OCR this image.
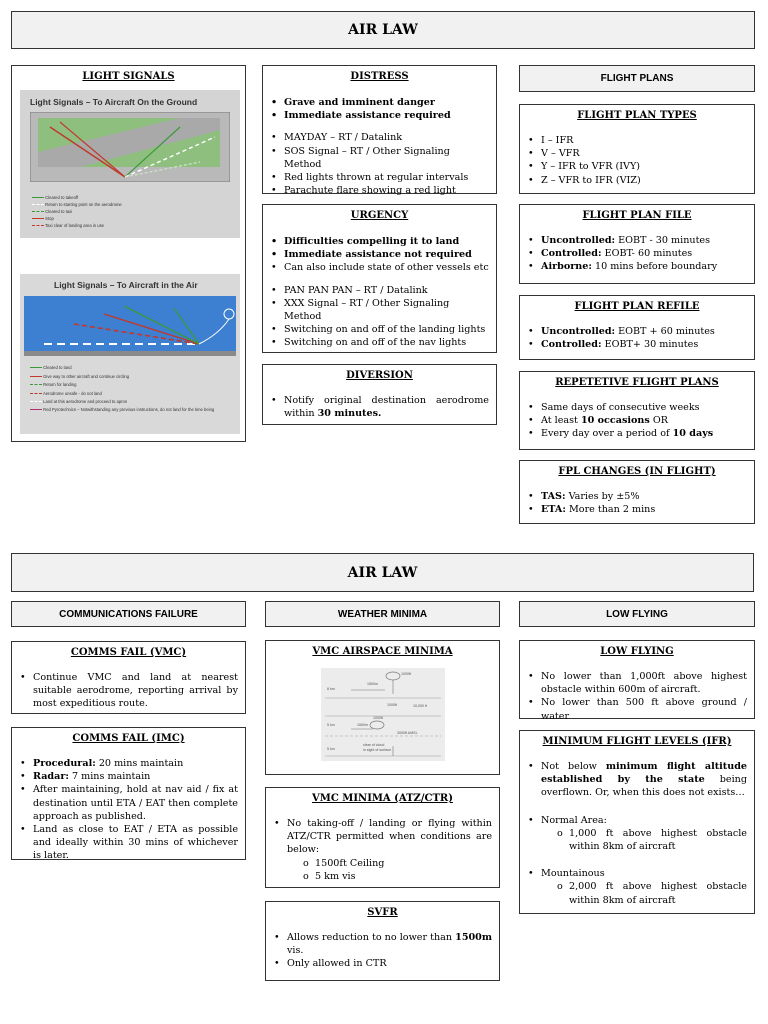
AIR LAW
LIGHT SIGNALS
Light Signals – To Aircraft On the Ground
Cleared to takeoff
Return to starting point on the aerodrome
Cleared to taxi
Stop
Taxi clear of landing area in use
Light Signals – To Aircraft in the Air
Cleared to land
Give way to other aircraft and continue circling
Return for landing
Aerodrome unsafe - do not land
Land at this aerodrome and proceed to apron
Red Pyrotechnics – Notwithstanding any previous instructions, do not land for the time being
DISTRESS
• Grave and imminent danger
• Immediate assistance required
• MAYDAY – RT / Datalink
• SOS Signal – RT / Other Signaling Method
• Red lights thrown at regular intervals
• Parachute flare showing a red light
URGENCY
• Difficulties compelling it to land
• Immediate assistance not required
• Can also include state of other vessels etc
• PAN PAN PAN – RT / Datalink
• XXX Signal – RT / Other Signaling Method
• Switching on and off of the landing lights
• Switching on and off of the nav lights
DIVERSION
• Notify original destination aerodrome within 30 minutes.
FLIGHT PLANS
FLIGHT PLAN TYPES
• I – IFR
• V – VFR
• Y – IFR to VFR (IVY)
• Z – VFR to IFR (VIZ)
FLIGHT PLAN FILE
• Uncontrolled: EOBT - 30 minutes
• Controlled: EOBT- 60 minutes
• Airborne: 10 mins before boundary
FLIGHT PLAN REFILE
• Uncontrolled: EOBT + 60 minutes
• Controlled: EOBT+ 30 minutes
REPETETIVE FLIGHT PLANS
• Same days of consecutive weeks
• At least 10 occasions OR
• Every day over a period of 10 days
FPL CHANGES (IN FLIGHT)
• TAS: Varies by ±5%
• ETA: More than 2 mins
AIR LAW
COMMUNICATIONS FAILURE
COMMS FAIL (VMC)
• Continue VMC and land at nearest suitable aerodrome, reporting arrival by most expeditious route.
COMMS FAIL (IMC)
• Procedural: 20 mins maintain
• Radar: 7 mins maintain
• After maintaining, hold at nav aid / fix at destination until ETA / EAT then complete approach as published.
• Land as close to EAT / ETA as possible and ideally within 30 mins of whichever is later.
WEATHER MINIMA
VMC AIRSPACE MINIMA
8 km
1500m
1000ft
1000ft	10,000 ft
5 km	1500m
1000ft
3000ft AMSL
5 km
clear of cloud
in sight of surface
VMC MINIMA (ATZ/CTR)
• No taking-off / landing or flying within ATZ/CTR permitted when conditions are below:
o 1500ft Ceiling
o 5 km vis
SVFR
• Allows reduction to no lower than 1500m vis.
• Only allowed in CTR
LOW FLYING
LOW FLYING
• No lower than 1,000ft above highest obstacle within 600m of aircraft.
• No lower than 500 ft above ground / water
MINIMUM FLIGHT LEVELS (IFR)
• Not below minimum flight altitude established by the state being overflown. Or, when this does not exists…
• Normal Area:
o 1,000 ft above highest obstacle within 8km of aircraft
• Mountainous
o 2,000 ft above highest obstacle within 8km of aircraft
